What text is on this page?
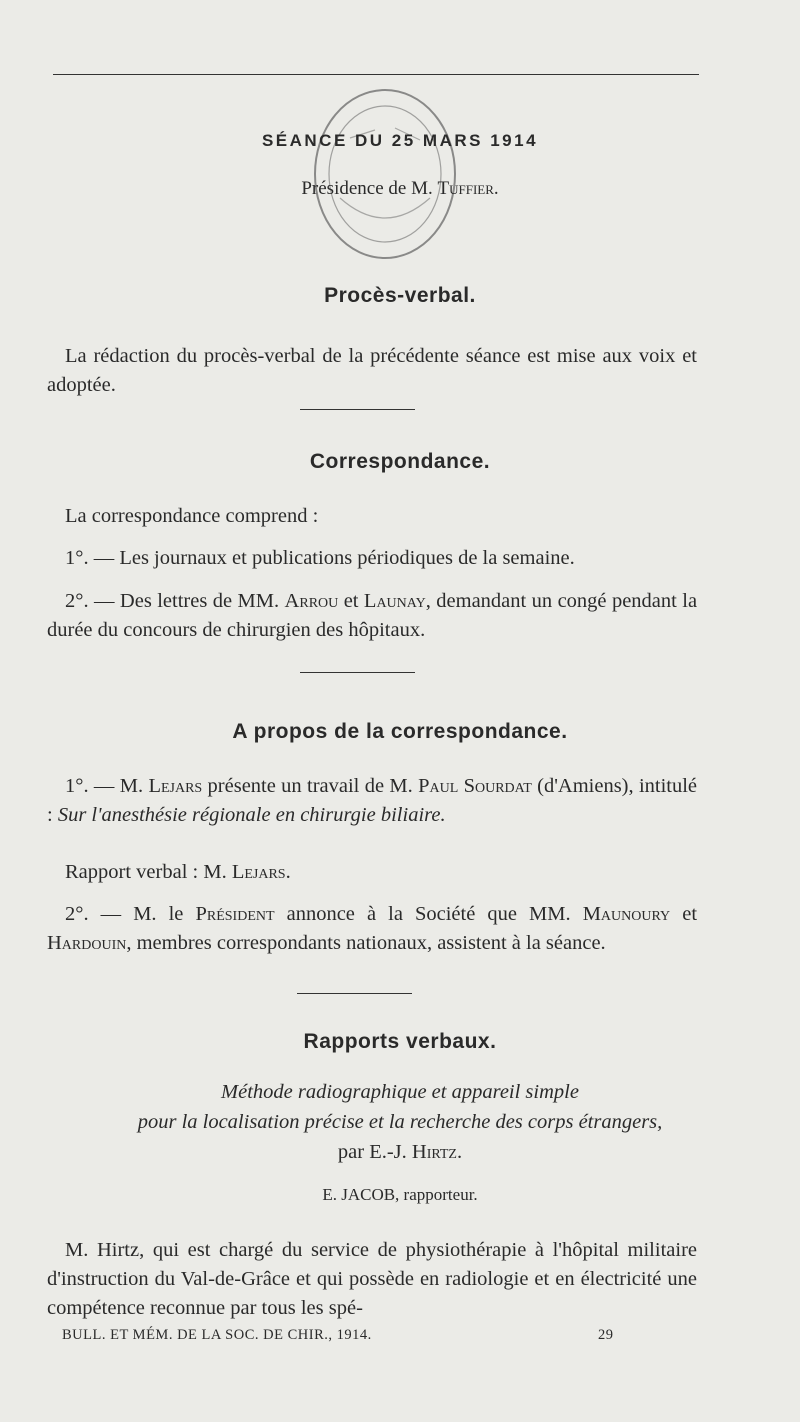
SÉANCE DU 25 MARS 1914
Présidence de M. Tuffier.
Procès-verbal.
La rédaction du procès-verbal de la précédente séance est mise aux voix et adoptée.
Correspondance.
La correspondance comprend :
1°. — Les journaux et publications périodiques de la semaine.
2°. — Des lettres de MM. Arrou et Launay, demandant un congé pendant la durée du concours de chirurgien des hôpitaux.
A propos de la correspondance.
1°. — M. Lejars présente un travail de M. Paul Sourdat (d'Amiens), intitulé : Sur l'anesthésie régionale en chirurgie biliaire.
Rapport verbal : M. Lejars.
2°. — M. le Président annonce à la Société que MM. Maunoury et Hardouin, membres correspondants nationaux, assistent à la séance.
Rapports verbaux.
Méthode radiographique et appareil simple
pour la localisation précise et la recherche des corps étrangers,
par E.-J. Hirtz.
E. JACOB, rapporteur.
M. Hirtz, qui est chargé du service de physiothérapie à l'hôpital militaire d'instruction du Val-de-Grâce et qui possède en radiologie et en électricité une compétence reconnue par tous les spé-
BULL. ET MÉM. DE LA SOC. DE CHIR., 1914.	29
